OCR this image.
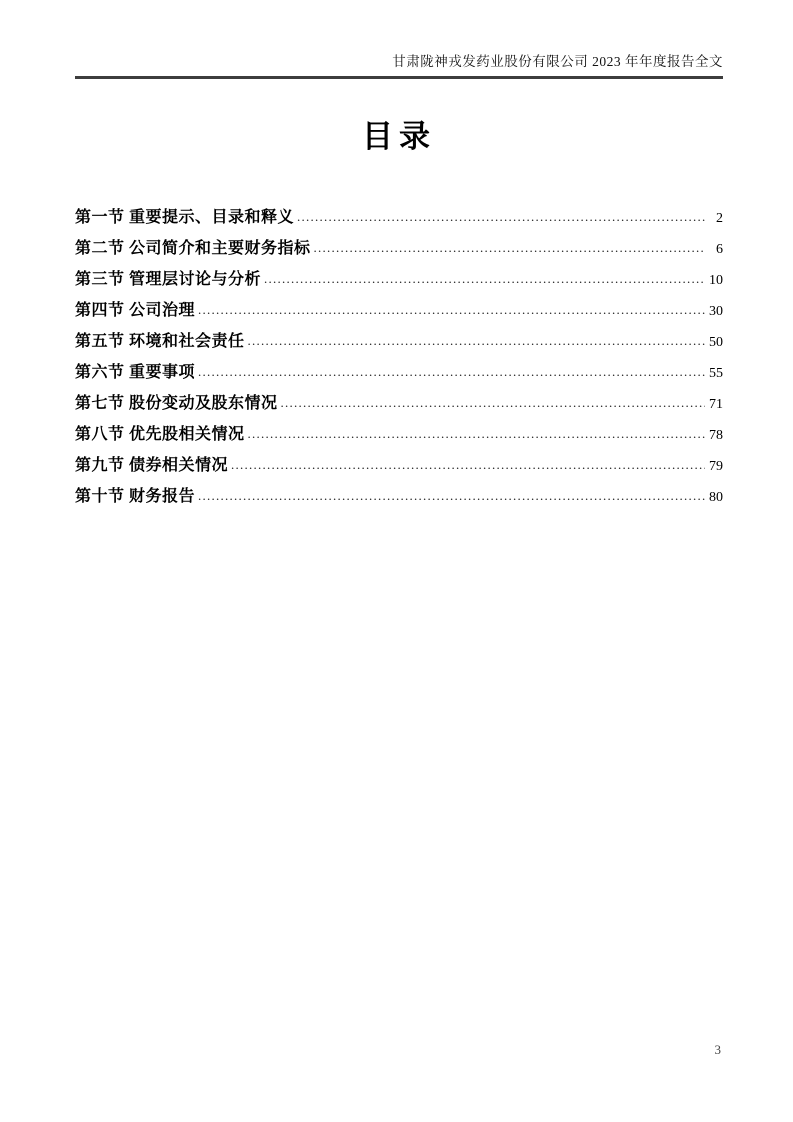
甘肃陇神戎发药业股份有限公司 2023 年年度报告全文
目录
第一节 重要提示、目录和释义 . . .	2
第二节 公司简介和主要财务指标 . . .	6
第三节 管理层讨论与分析 . . .	10
第四节 公司治理 . . .	30
第五节 环境和社会责任 . . .	50
第六节 重要事项 . . .	55
第七节 股份变动及股东情况 . . .	71
第八节 优先股相关情况 . . .	78
第九节 债券相关情况 . . .	79
第十节 财务报告 . . .	80
3
